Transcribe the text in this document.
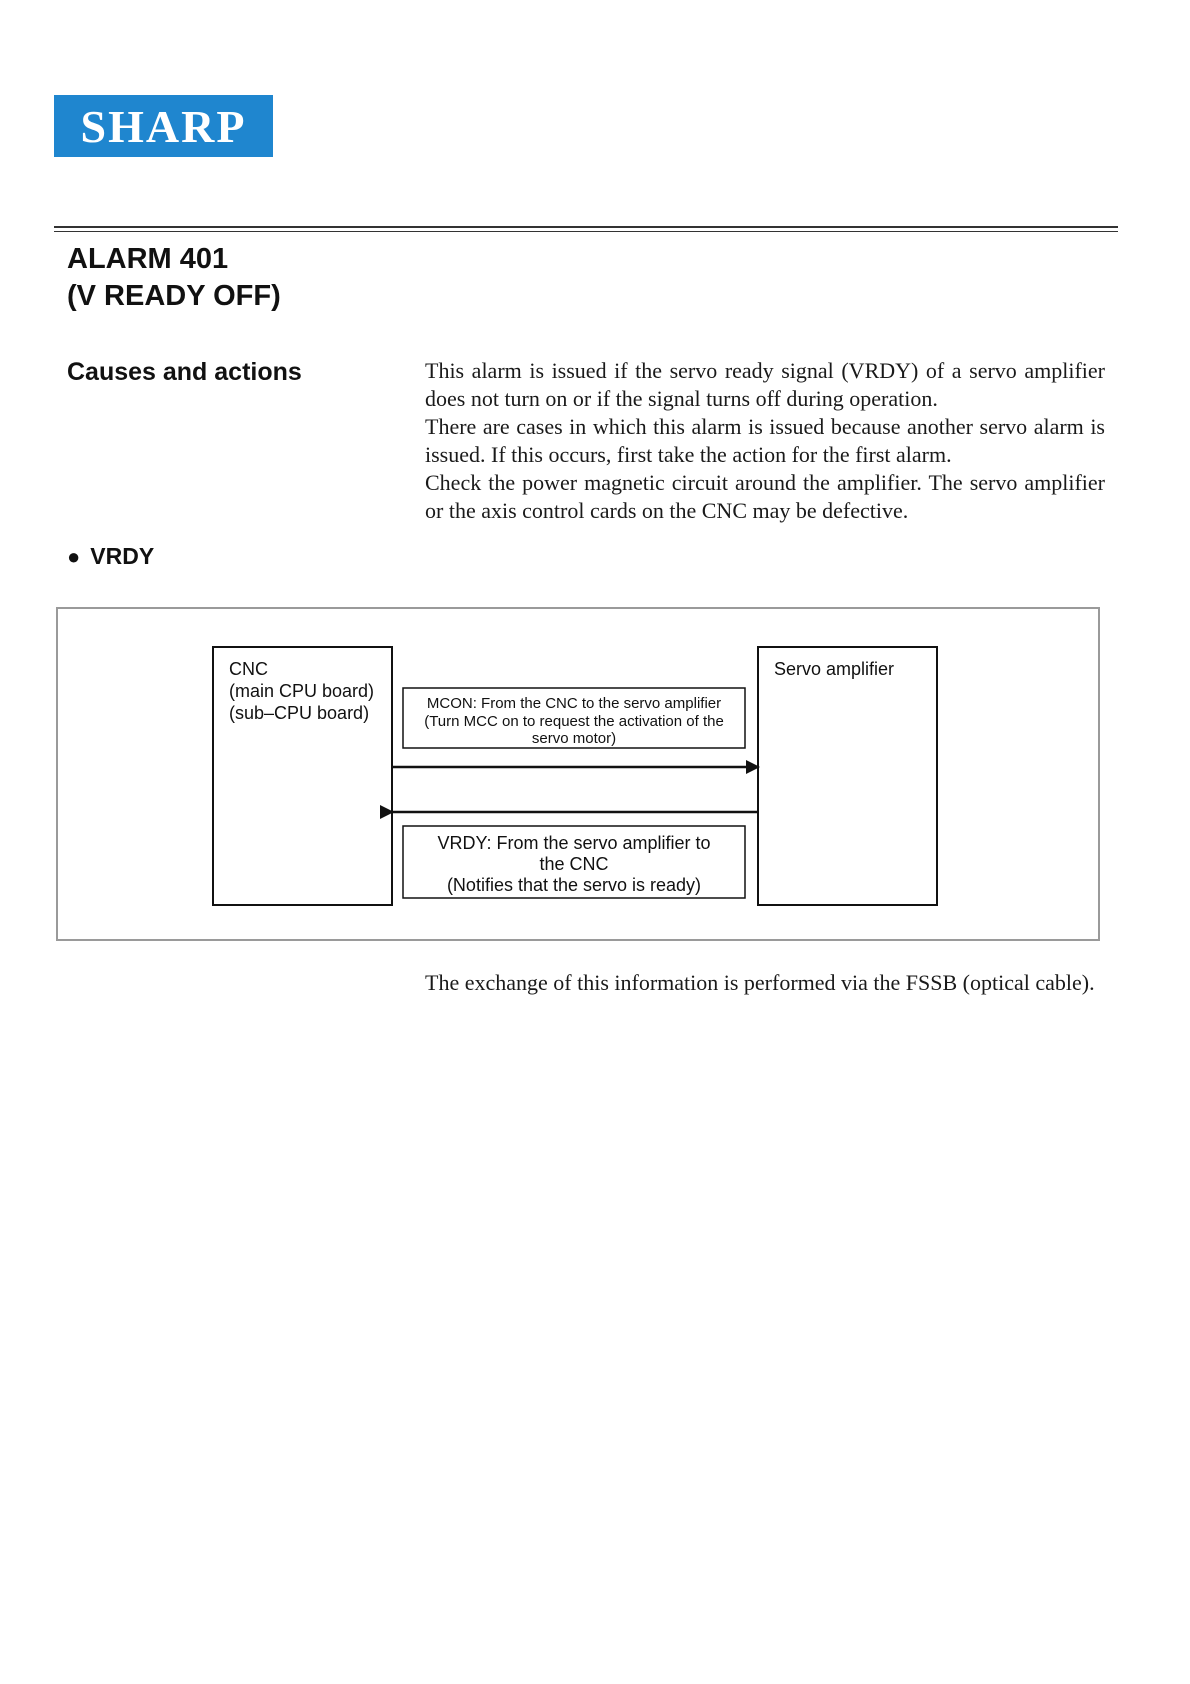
SHARP
ALARM 401
(V READY OFF)
Causes and actions	This alarm is issued if the servo ready signal (VRDY) of a servo amplifier does not turn on or if the signal turns off during operation.

There are cases in which this alarm is issued because another servo alarm is issued. If this occurs, first take the action for the first alarm.

Check the power magnetic circuit around the amplifier. The servo amplifier or the axis control cards on the CNC may be defective.

● VRDY
CNC
(main CPU board)
(sub–CPU board)
Servo amplifier
MCON: From the CNC to the servo amplifier
(Turn MCC on to request the activation of the
servo motor)
VRDY: From the servo amplifier to
the CNC
(Notifies that the servo is ready)

The exchange of this information is performed via the FSSB (optical cable).
